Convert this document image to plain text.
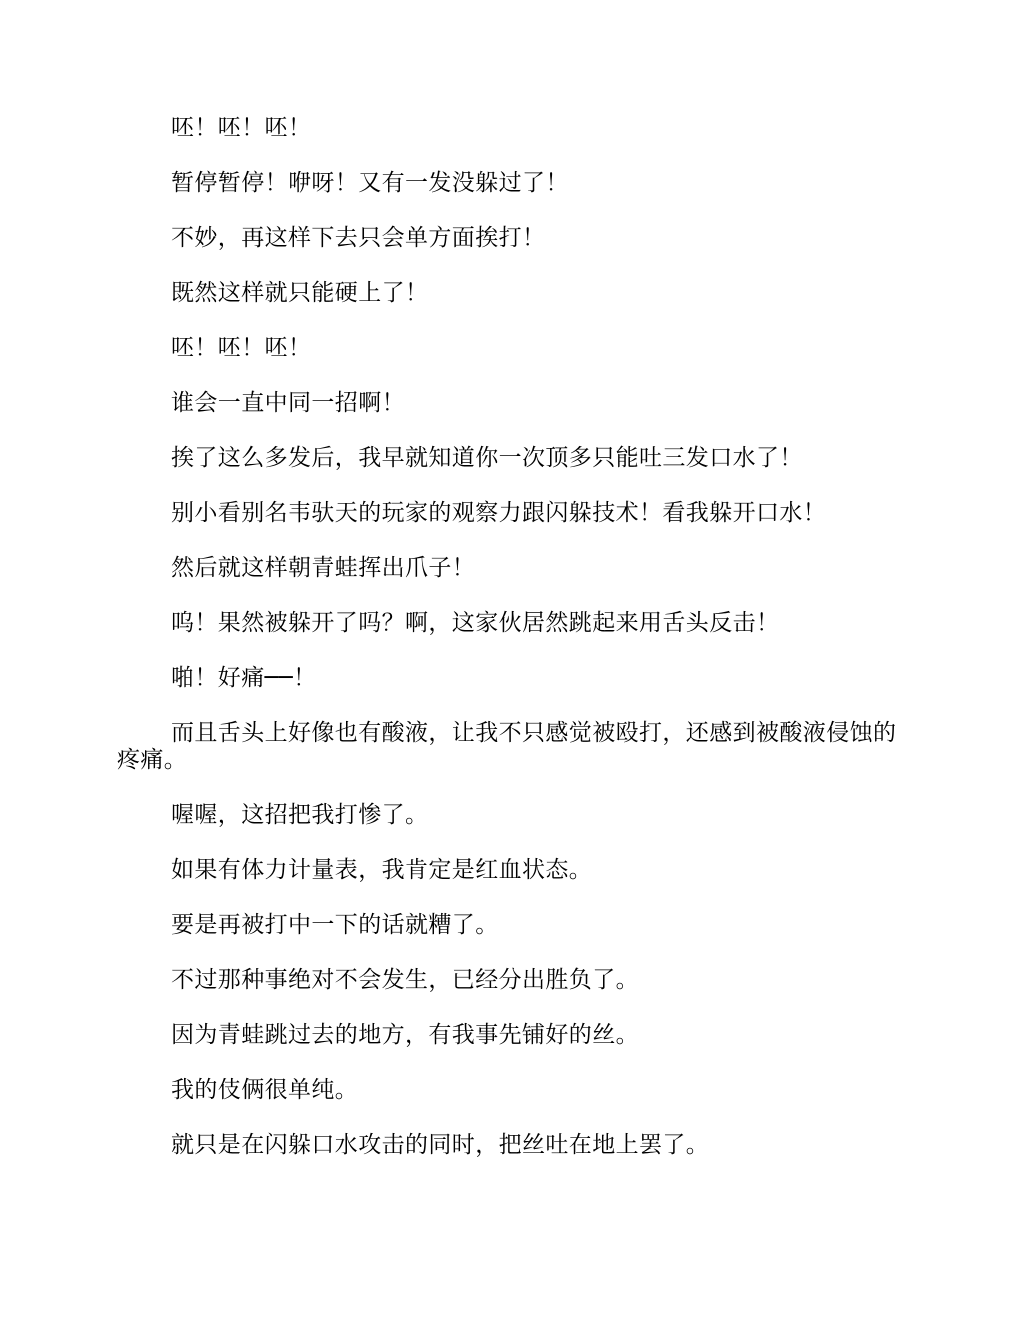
呸！呸！呸！

暂停暂停！咿呀！又有一发没躲过了！

不妙，再这样下去只会单方面挨打！

既然这样就只能硬上了！

呸！呸！呸！

谁会一直中同一招啊！

挨了这么多发后，我早就知道你一次顶多只能吐三发口水了！

别小看别名韦驮天的玩家的观察力跟闪躲技术！看我躲开口水！

然后就这样朝青蛙挥出爪子！

呜！果然被躲开了吗？啊，这家伙居然跳起来用舌头反击！

啪！好痛──！

而且舌头上好像也有酸液，让我不只感觉被殴打，还感到被酸液侵蚀的疼痛。

喔喔，这招把我打惨了。

如果有体力计量表，我肯定是红血状态。

要是再被打中一下的话就糟了。

不过那种事绝对不会发生，已经分出胜负了。

因为青蛙跳过去的地方，有我事先铺好的丝。

我的伎俩很单纯。

就只是在闪躲口水攻击的同时，把丝吐在地上罢了。
